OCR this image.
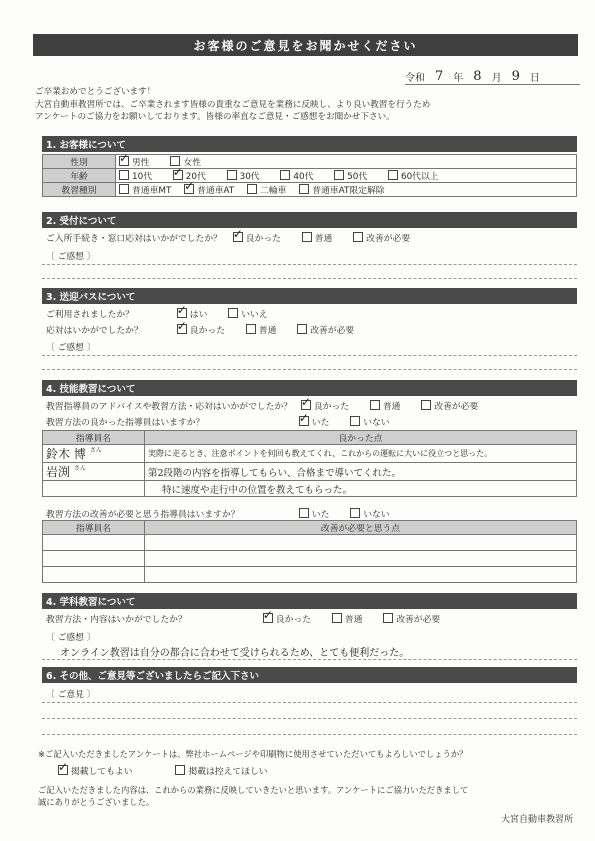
お客様のご意見をお聞かせください
令和 7 年 8 月 9 日
ご卒業おめでとうございます！
大宮自動車教習所では、ご卒業されます皆様の貴重なご意見を業務に反映し、より良い教習を行うため
アンケートのご協力をお願いしております。皆様の率直なご意見・ご感想をお聞かせ下さい。
1. お客様について
性別	✓男性 女性
年齢	10代 ✓ 20代 30代 40代 50代 60代以上
教習種別	普通車MT ✓ 普通車AT 二輪車 普通車AT限定解除
2. 受付について
ご入所手続き・窓口応対はいかがでしたか？ ✓	良かった	普通	改善が必要
〔 ご感想 〕
3. 送迎バスについて
ご利用されましたか？ ✓	はい	いいえ
応対はいかがでしたか？ ✓	良かった	普通	改善が必要
〔 ご感想 〕
4. 技能教習について
教習指導員のアドバイスや教習方法・応対はいかがでしたか？ ✓ 良かった	普通	改善が必要
教習方法の良かった指導員はいますか？ ✓	いた	いない
指導員名	良かった点
鈴木 博 $^{さん}$	実際に走るとき、注意ポイントを何回も教えてくれ、これからの運転に大いに役立つと思った。
岩渕 $^{さん}$	第2段階の内容を指導してもらい、合格まで導いてくれた。
	特に速度や走行中の位置を教えてもらった。
教習方法の改善が必要と思う指導員はいますか？	いた	いない
指導員名	改善が必要と思う点

4. 学科教習について
教習方法・内容はいかがでしたか？ ✓	良かった	普通	改善が必要
〔 ご感想 〕
オンライン教習は自分の都合に合わせて受けられるため、とても便利だった。
6. その他、ご意見等ございましたらご記入下さい
〔 ご意見 〕
※ご記入いただきましたアンケートは、弊社ホームページや印刷物に使用させていただいてもよろしいでしょうか？
✓掲載してもよい	掲載は控えてほしい
ご記入いただきました内容は、これからの業務に反映していきたいと思います。アンケートにご協力いただきまして
誠にありがとうございました。
大宮自動車教習所
